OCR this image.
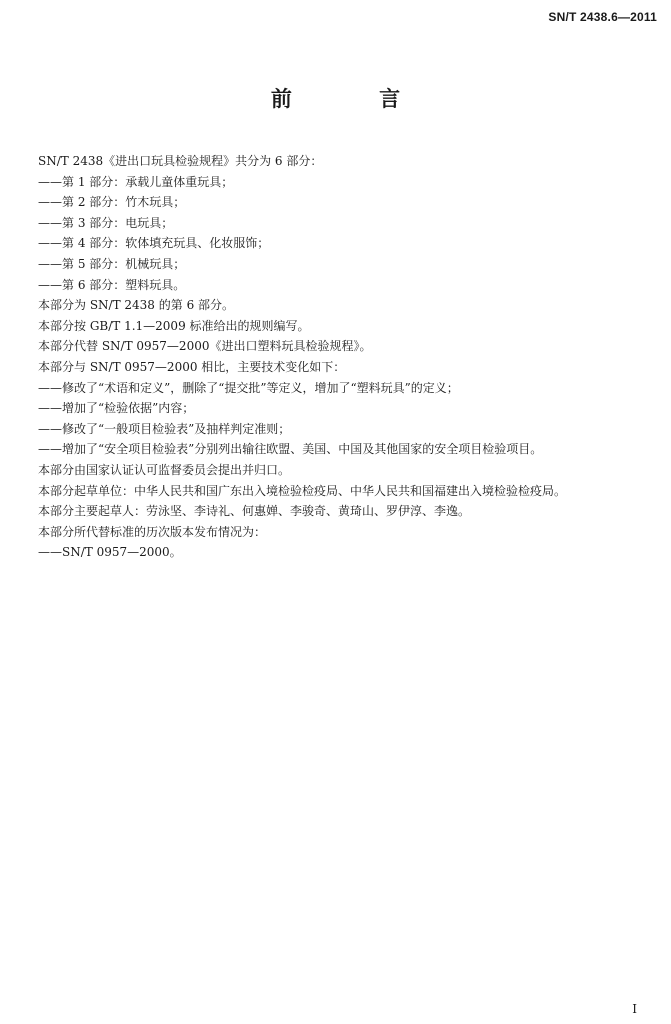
SN/T 2438.6—2011
前 言

SN/T 2438《进出口玩具检验规程》共分为 6 部分：

——第 1 部分：承载儿童体重玩具；

——第 2 部分：竹木玩具；

——第 3 部分：电玩具；

——第 4 部分：软体填充玩具、化妆服饰；

——第 5 部分：机械玩具；

——第 6 部分：塑料玩具。

本部分为 SN/T 2438 的第 6 部分。

本部分按 GB/T 1.1—2009 标准给出的规则编写。

本部分代替 SN/T 0957—2000《进出口塑料玩具检验规程》。

本部分与 SN/T 0957—2000 相比，主要技术变化如下：

——修改了“术语和定义”，删除了“提交批”等定义，增加了“塑料玩具”的定义；

——增加了“检验依据”内容；

——修改了“一般项目检验表”及抽样判定准则；

——增加了“安全项目检验表”分别列出输往欧盟、美国、中国及其他国家的安全项目检验项目。

本部分由国家认证认可监督委员会提出并归口。

本部分起草单位：中华人民共和国广东出入境检验检疫局、中华人民共和国福建出入境检验检疫局。

本部分主要起草人：劳泳坚、李诗礼、何惠婵、李骏奇、黄琦山、罗伊淳、李逸。

本部分所代替标准的历次版本发布情况为：

——SN/T 0957—2000。

I
